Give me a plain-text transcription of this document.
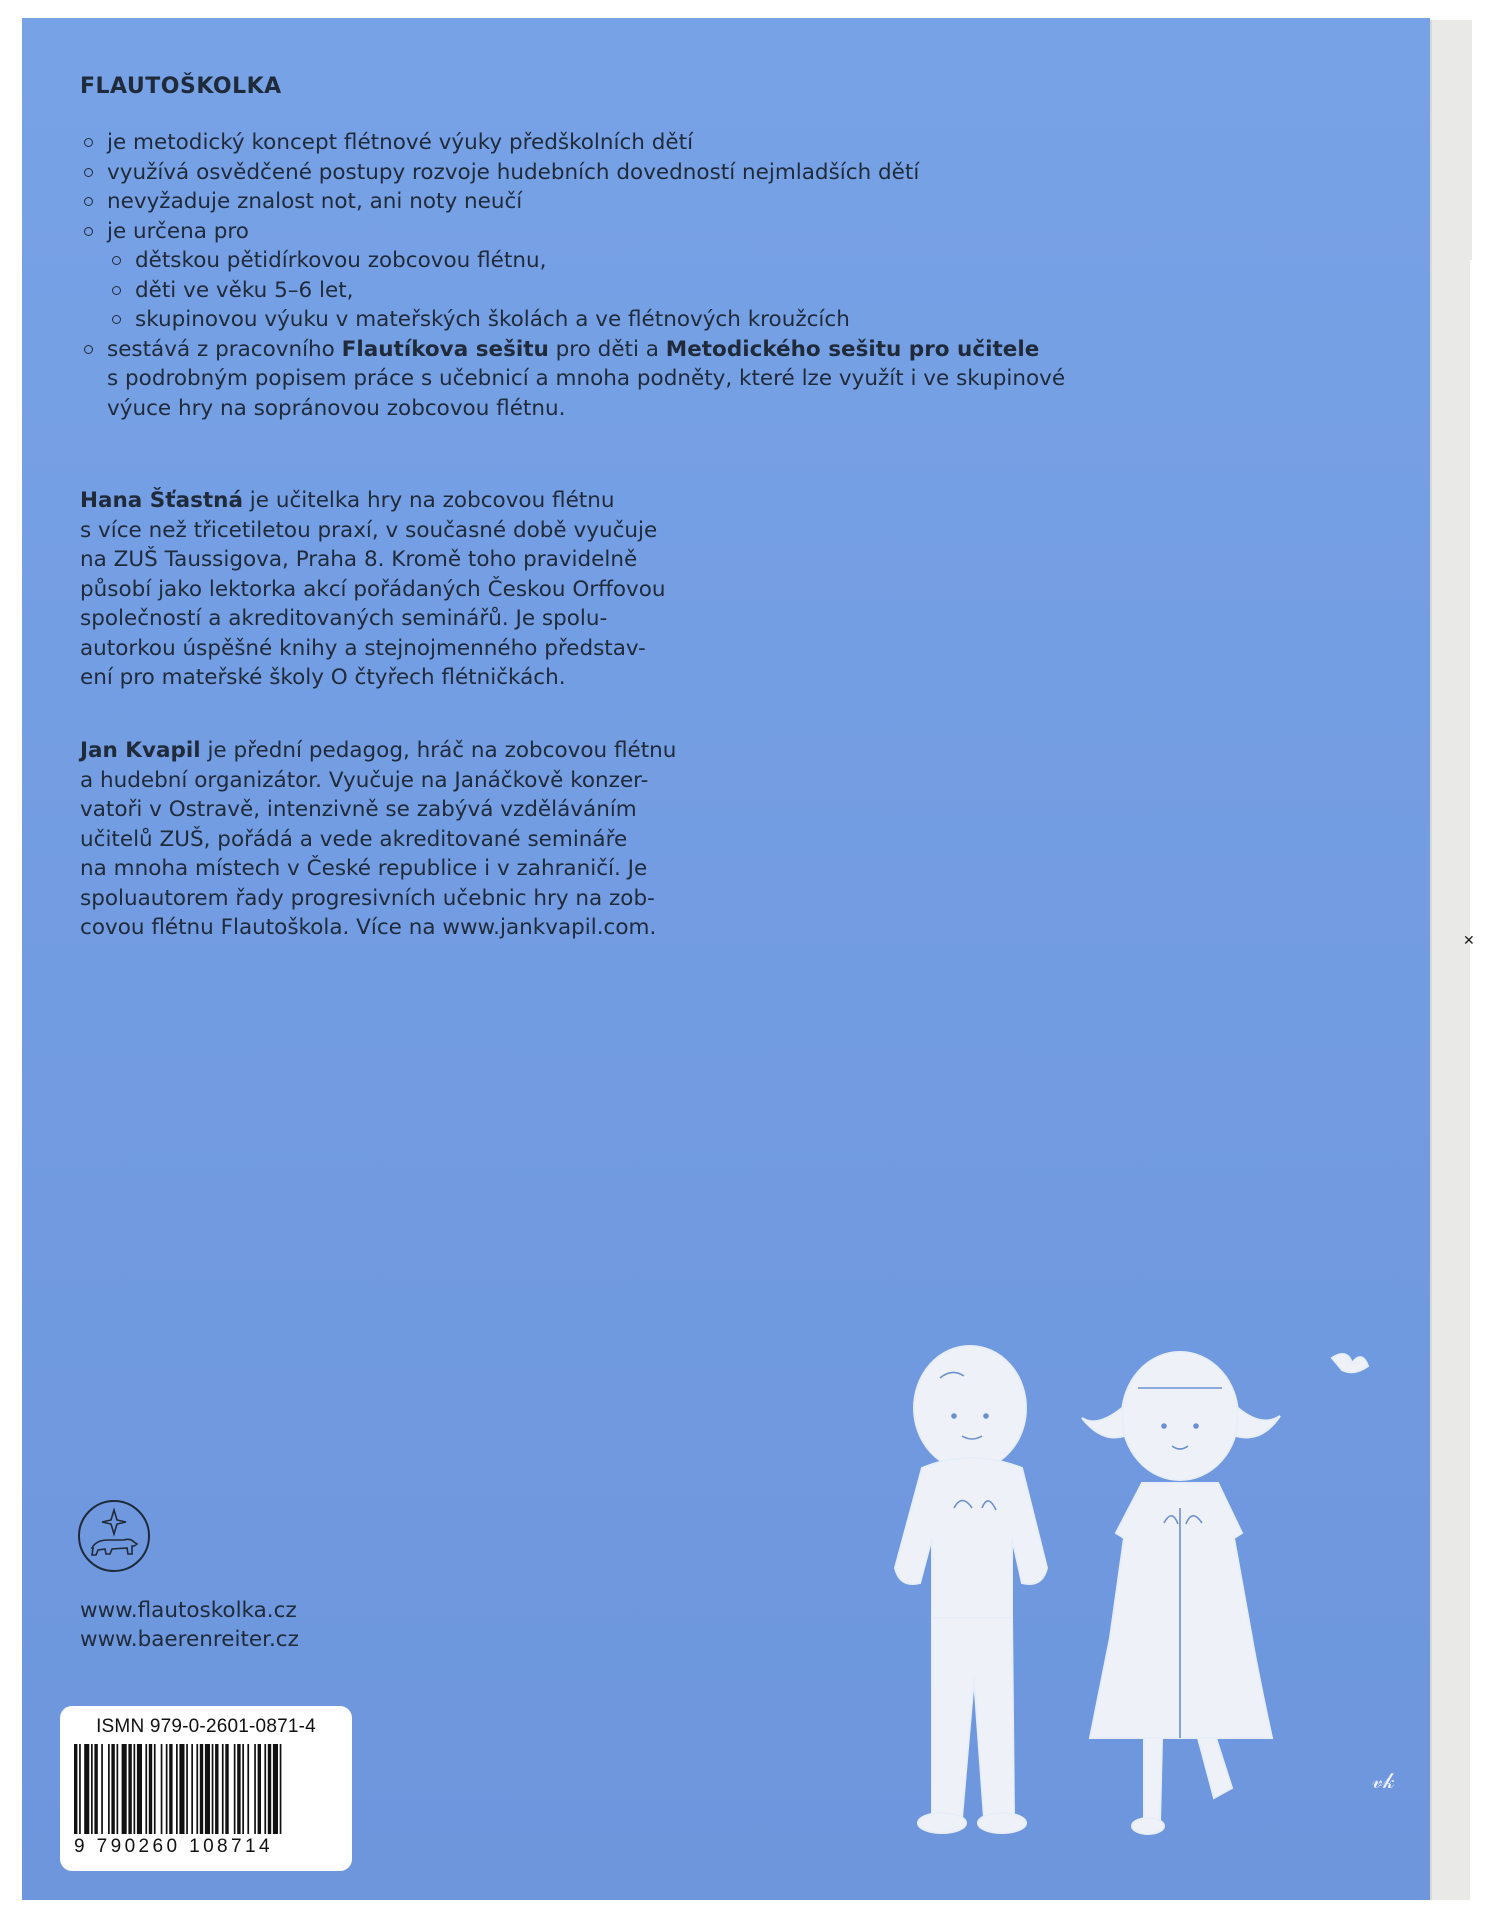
✕
FLAUTOŠKOLKA
je metodický koncept flétnové výuky předškolních dětí
využívá osvědčené postupy rozvoje hudebních dovedností nejmladších dětí
nevyžaduje znalost not, ani noty neučí
je určena pro
dětskou pětidírkovou zobcovou flétnu,
děti ve věku 5–6 let,
skupinovou výuku v mateřských školách a ve flétnových kroužcích
sestává z pracovního Flautíkova sešitu pro děti a Metodického sešitu pro učitele
s podrobným popisem práce s učebnicí a mnoha podněty, které lze využít i ve skupinové
výuce hry na sopránovou zobcovou flétnu.
Hana Šťastná je učitelka hry na zobcovou flétnu
s více než třicetiletou praxí, v současné době vyučuje
na ZUŠ Taussigova, Praha 8. Kromě toho pravidelně
působí jako lektorka akcí pořádaných Českou Orffovou
společností a akreditovaných seminářů. Je spolu-
autorkou úspěšné knihy a stejnojmenného představ-
ení pro mateřské školy O čtyřech flétničkách.
Jan Kvapil je přední pedagog, hráč na zobcovou flétnu
a hudební organizátor. Vyučuje na Janáčkově konzer-
vatoři v Ostravě, intenzivně se zabývá vzděláváním
učitelů ZUŠ, pořádá a vede akreditované semináře
na mnoha místech v České republice i v zahraničí. Je
spoluautorem řady progresivních učebnic hry na zob-
covou flétnu Flautoškola. Více na www.jankvapil.com.
www.flautoskolka.cz
www.baerenreiter.cz
ISMN 979-0-2601-0871-4
9 790260 108714
𝓋𝓀
